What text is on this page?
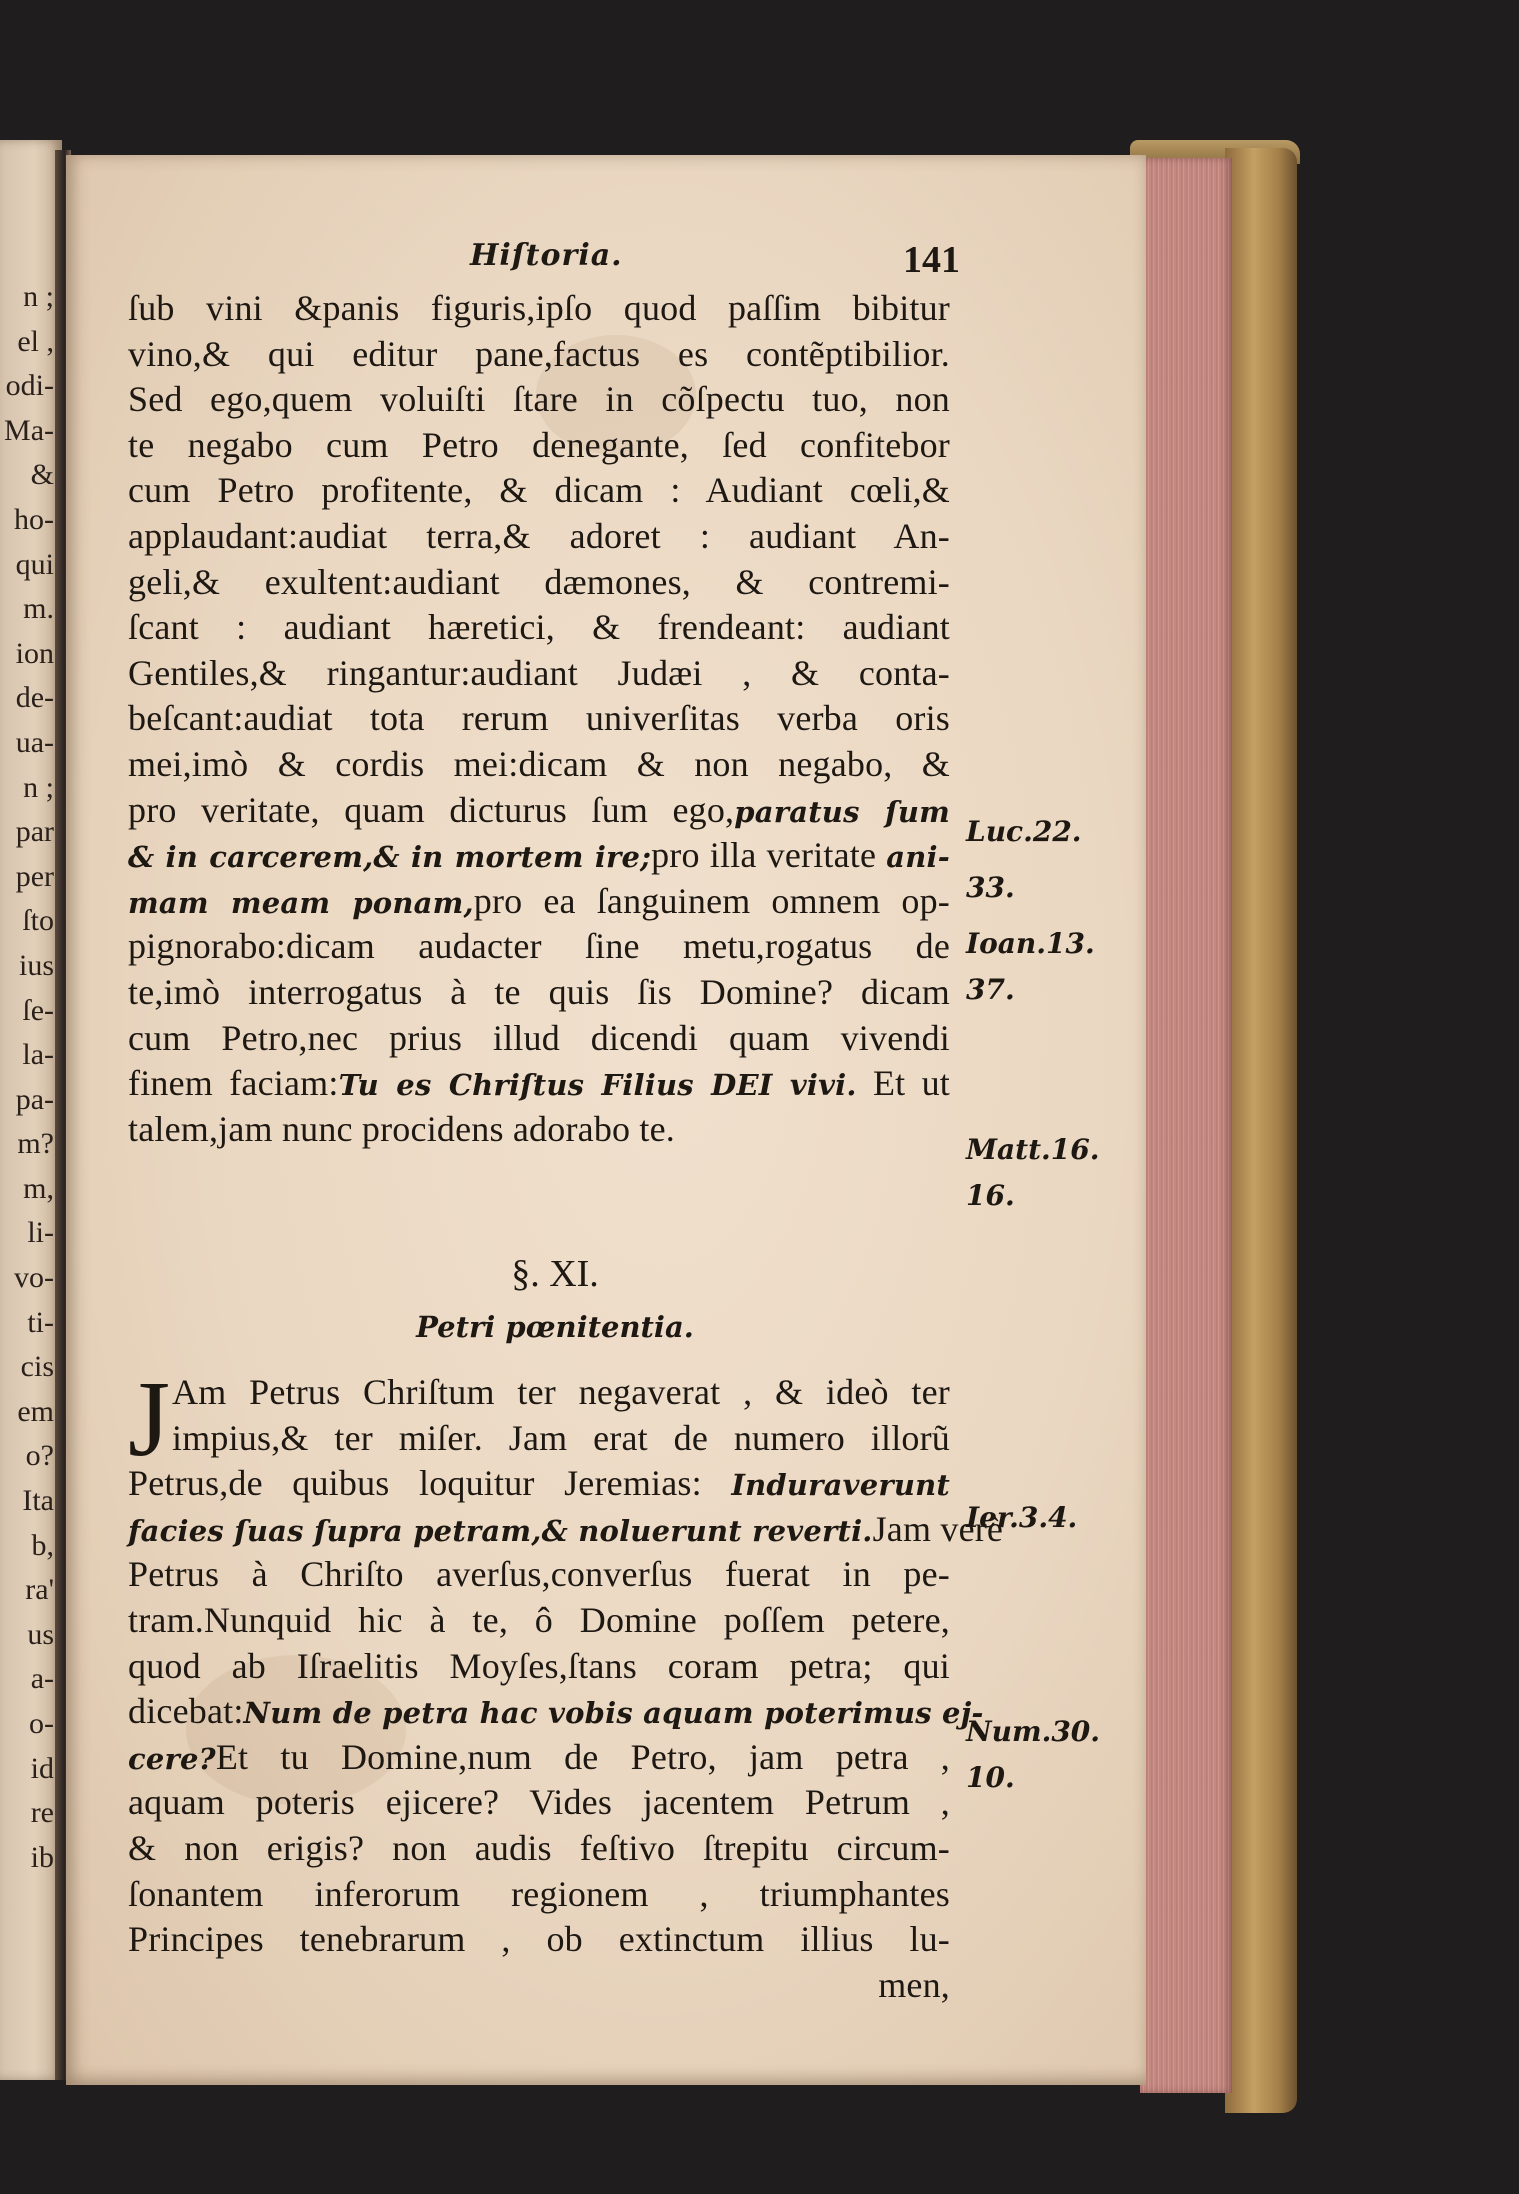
n ;
el ,
odi-
Ma-
&
ho-
qui
m.
ion
de-
ua-
n ;
par
per
ſto
ius
ſe-
la-
pa-
m?
m,
li-
vo-
ti-
cis
em
o?
Ita
b,
ra'
us
a-
o-
id
re
ib
Hiſtoria.	141
ſub vini &panis figuris,ipſo quod paſſim bibitur
vino,& qui editur pane,factus es contẽptibilior.
Sed ego,quem voluiſti ſtare in cõſpectu tuo, non
te negabo cum Petro denegante, ſed confitebor
cum Petro profitente, & dicam : Audiant cœli,&
applaudant:audiat terra,& adoret : audiant An-
geli,& exultent:audiant dæmones, & contremi-
ſcant : audiant hæretici, & frendeant: audiant
Gentiles,& ringantur:audiant Judæi , & conta-
beſcant:audiat tota rerum univerſitas verba oris
mei,imò & cordis mei:dicam & non negabo, &
pro veritate, quam dicturus ſum ego,paratus ſum
& in carcerem,& in mortem ire;pro illa veritate ani-
mam meam ponam,pro ea ſanguinem omnem op-
pignorabo:dicam audacter ſine metu,rogatus de
te,imò interrogatus à te quis ſis Domine? dicam
cum Petro,nec prius illud dicendi quam vivendi
finem faciam:Tu es Chriſtus Filius DEI vivi. Et ut
talem,jam nunc procidens adorabo te.
§. XI.
Petri pœnitentia.
J Am Petrus Chriſtum ter negaverat , & ideò ter
impius,& ter miſer. Jam erat de numero illorũ
Petrus,de quibus loquitur Jeremias: Induraverunt
facies ſuas ſupra petram,& noluerunt reverti.Jam verè
Petrus à Chriſto averſus,converſus fuerat in pe-
tram.Nunquid hic à te, ô Domine poſſem petere,
quod ab Iſraelitis Moyſes,ſtans coram petra; qui
dicebat:Num de petra hac vobis aquam poterimus ej-
cere?Et tu Domine,num de Petro, jam petra ,
aquam poteris ejicere? Vides jacentem Petrum ,
& non erigis? non audis feſtivo ſtrepitu circum-
ſonantem inferorum regionem , triumphantes
Principes tenebrarum , ob extinctum illius lu-
men,
Luc.22.
33.
Ioan.13.
37.
Matt.16.
16.
Ier.3.4.
Num.30.
10.
